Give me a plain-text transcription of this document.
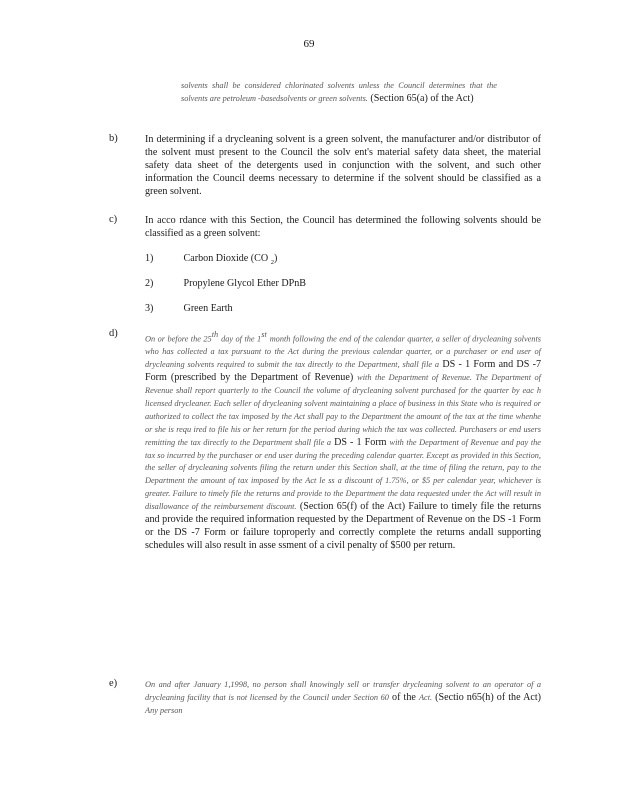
69

solvents shall be considered chlorinated solvents unless the Council determines that the solvents are petroleum -basedsolvents or green solvents. (Section 65(a) of the Act)

b)	In determining if a drycleaning solvent is a green solvent, the manufacturer and/or distributor of the solvent must present to the Council the solv ent's material safety data sheet, the material safety data sheet of the detergents used in conjunction with the solvent, and such other information the Council deems necessary to determine if the solvent should be classified as a green solvent.

c)	In acco rdance with this Section, the Council has determined the following solvents should be classified as a green solvent:

1)	Carbon Dioxide (CO $_2$)
2)	Propylene Glycol Ether DPnB
3)	Green Earth
d)	On or before the 25th day of the 1st month following the end of the calendar quarter, a seller of drycleaning solvents who has collected a tax pursuant to the Act during the previous calendar quarter, or a purchaser or end user of drycleaning solvents required to submit the tax directly to the Department, shall file a DS - 1 Form and DS -7 Form (prescribed by the Department of Revenue) with the Department of Revenue. The Department of Revenue shall report quarterly to the Council the volume of drycleaning solvent purchased for the quarter by eac h licensed drycleaner. Each seller of drycleaning solvent maintaining a place of business in this State who is required or authorized to collect the tax imposed by the Act shall pay to the Department the amount of the tax at the time whenhe or she is requ ired to file his or her return for the period during which the tax was collected. Purchasers or end users remitting the tax directly to the Department shall file a DS - 1 Form with the Department of Revenue and pay the tax so incurred by the purchaser or end user during the preceding calendar quarter. Except as provided in this Section, the seller of drycleaning solvents filing the return under this Section shall, at the time of filing the return, pay to the Department the amount of tax imposed by the Act le ss a discount of 1.75%, or $5 per calendar year, whichever is greater. Failure to timely file the returns and provide to the Department the data requested under the Act will result in disallowance of the reimbursement discount. (Section 65(f) of the Act) Failure to timely file the returns and provide the required information requested by the Department of Revenue on the DS -1 Form or the DS -7 Form or failure toproperly and correctly complete the returns andall supporting schedules will also result in asse ssment of a civil penalty of $500 per return.

e)	On and after January 1,1998, no person shall knowingly sell or transfer drycleaning solvent to an operator of a drycleaning facility that is not licensed by the Council under Section 60 of the Act. (Sectio n65(h) of the Act) Any person
